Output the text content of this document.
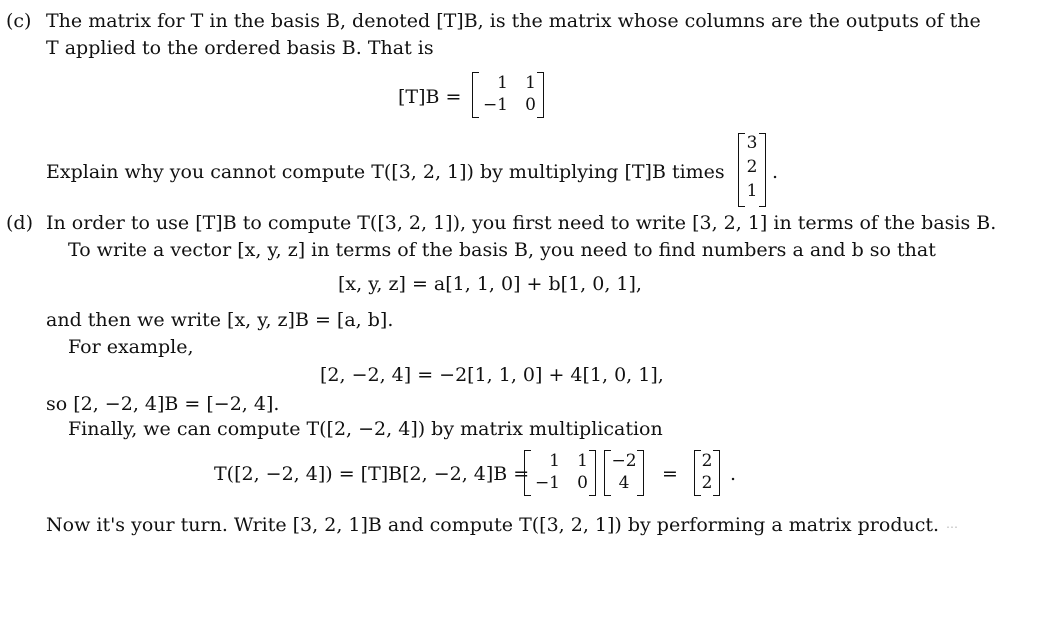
(c) The matrix for T in the basis B, denoted [T]B, is the matrix whose columns are the outputs of the
T applied to the ordered basis B. That is
[T]B =
1	1
−1	0
Explain why you cannot compute T([3, 2, 1]) by multiplying [T]B times
3
2
1
.
(d) In order to use [T]B to compute T([3, 2, 1]), you first need to write [3, 2, 1] in terms of the basis B.
To write a vector [x, y, z] in terms of the basis B, you need to find numbers a and b so that
[x, y, z] = a[1, 1, 0] + b[1, 0, 1],
and then we write [x, y, z]B = [a, b].
For example,
[2, −2, 4] = −2[1, 1, 0] + 4[1, 0, 1],
so [2, −2, 4]B = [−2, 4].
Finally, we can compute T([2, −2, 4]) by matrix multiplication
T([2, −2, 4]) = [T]B[2, −2, 4]B =
1	1
−1	0
−2
4	=
2
2 .
Now it's your turn. Write [3, 2, 1]B and compute T([3, 2, 1]) by performing a matrix product. ⋯
